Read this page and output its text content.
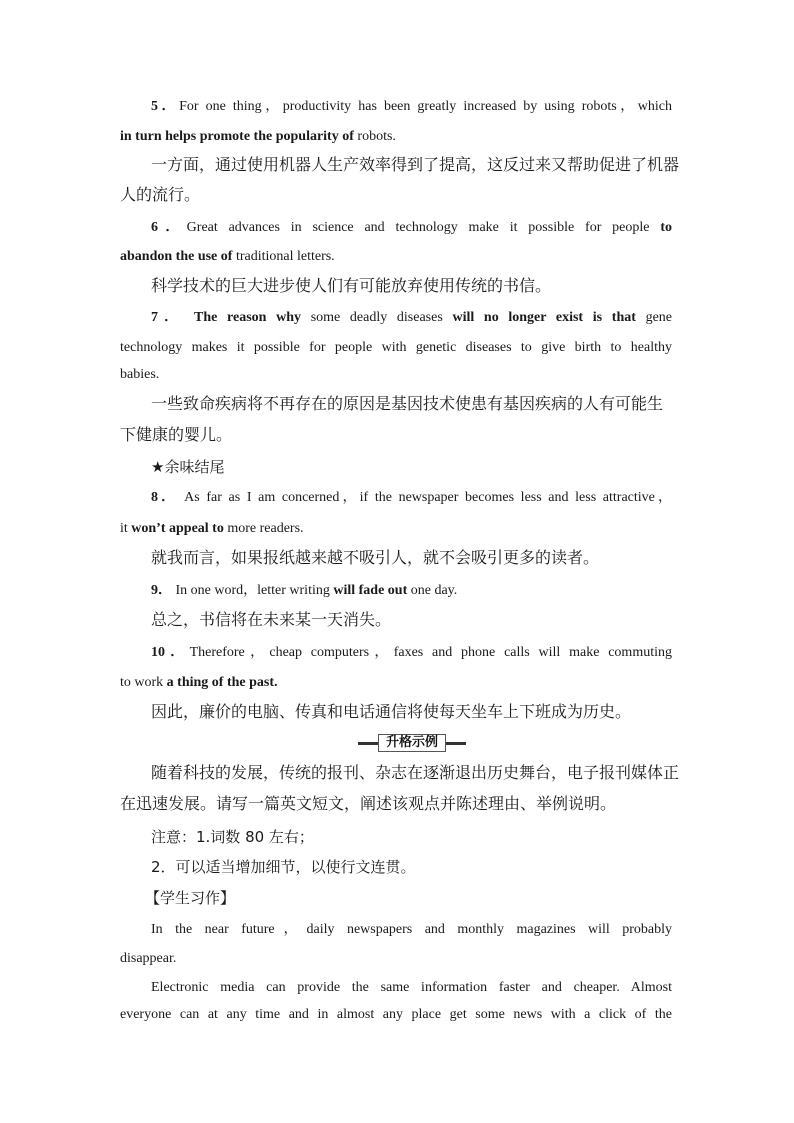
5．For one thing，productivity has been greatly increased by using robots，which
in turn helps promote the popularity of robots.
一方面，通过使用机器人生产效率得到了提高，这反过来又帮助促进了机器
人的流行。
6．Great advances in science and technology make it possible for people to
abandon the use of traditional letters.
科学技术的巨大进步使人们有可能放弃使用传统的书信。
7． The reason why some deadly diseases will no longer exist is that gene
technology makes it possible for people with genetic diseases to give birth to healthy
babies.
一些致命疾病将不再存在的原因是基因技术使患有基因疾病的人有可能生
下健康的婴儿。
★余味结尾
8． As far as I am concerned，if the newspaper becomes less and less attractive，
it won’t appeal to more readers.
就我而言，如果报纸越来越不吸引人，就不会吸引更多的读者。
9． In one word，letter writing will fade out one day.
总之，书信将在未来某一天消失。
10．Therefore，cheap computers，faxes and phone calls will make commuting
to work a thing of the past.
因此，廉价的电脑、传真和电话通信将使每天坐车上下班成为历史。
升格示例
随着科技的发展，传统的报刊、杂志在逐渐退出历史舞台，电子报刊媒体正
在迅速发展。请写一篇英文短文，阐述该观点并陈述理由、举例说明。
注意：1.词数 80 左右；
2．可以适当增加细节，以使行文连贯。
【学生习作】
In the near future，daily newspapers and monthly magazines will probably
disappear.
Electronic media can provide the same information faster and cheaper. Almost
everyone can at any time and in almost any place get some news with a click of the
